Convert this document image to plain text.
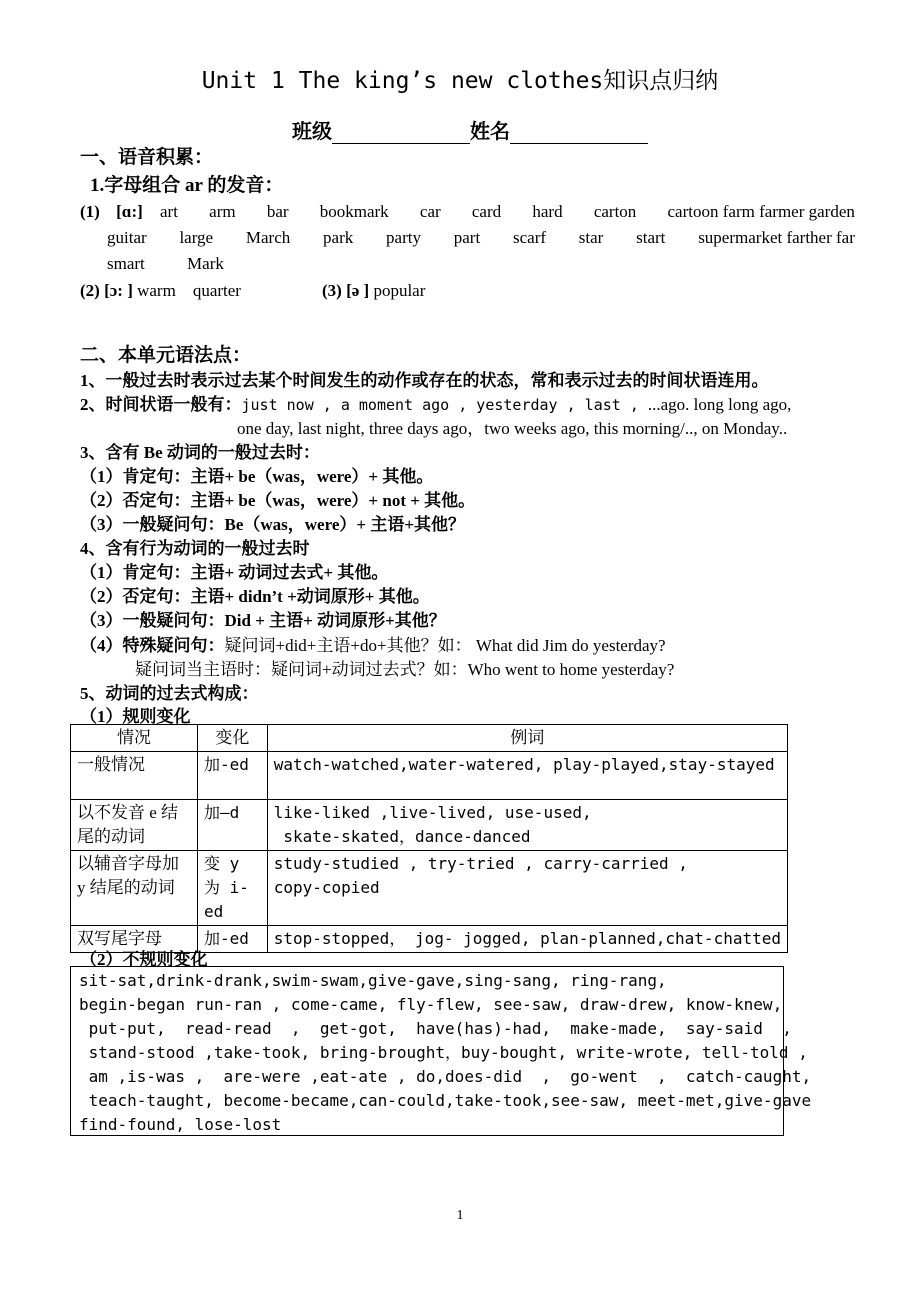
Unit 1 The king’s new clothes知识点归纳
班级	姓名
一、语音积累：
1.字母组合 ar 的发音：
(1) [ɑ:] art arm bar bookmark car card hard carton cartoon farm farmer garden
guitar large March park party part scarf star start supermarket farther far
smart Mark
(2) [ɔ: ] warm    quarter	(3) [ə ] popular
二、本单元语法点：
1、一般过去时表示过去某个时间发生的动作或存在的状态，常和表示过去的时间状语连用。
2、时间状语一般有：just now , a moment ago , yesterday , last , ...ago. long long ago,
one day, last night, three days ago，two weeks ago, this morning/.., on Monday..
3、含有 Be 动词的一般过去时：
（1）肯定句：主语+ be（was，were）+ 其他。
（2）否定句：主语+ be（was，were）+ not + 其他。
（3）一般疑问句：Be（was，were）+ 主语+其他？
4、含有行为动词的一般过去时
（1）肯定句：主语+ 动词过去式+ 其他。
（2）否定句：主语+ didn’t +动词原形+ 其他。
（3）一般疑问句：Did + 主语+ 动词原形+其他？
（4）特殊疑问句：疑问词+did+主语+do+其他？如： What did Jim do yesterday?
疑问词当主语时：疑问词+动词过去式？如：Who went to home yesterday?
5、动词的过去式构成：
（1）规则变化
情况	变化	例词
一般情况	加-ed	watch-watched,water-watered, play-played,stay-stayed

以不发音 e 结尾的动词	加—d	like-liked ,live-lived, use-used,
skate-skated，dance-danced

以辅音字母加 y 结尾的动词	变 y 为 i-ed	study-studied , try-tried , carry-carried ,
copy-copied

双写尾字母	加-ed	stop-stopped， jog- jogged, plan-planned,chat-chatted
（2）不规则变化
sit-sat,drink-drank,swim-swam,give-gave,sing-sang, ring-rang,
begin-began run-ran , come-came, fly-flew, see-saw, draw-drew, know-knew,
put-put,  read-read  ,  get-got,  have(has)-had,  make-made,  say-said  ,
stand-stood ,take-took, bring-brought，buy-bought, write-wrote, tell-told ,
am ,is-was ,  are-were ,eat-ate , do,does-did  ,  go-went  ,  catch-caught,
teach-taught, become-became,can-could,take-took,see-saw, meet-met,give-gave
find-found, lose-lost
1
